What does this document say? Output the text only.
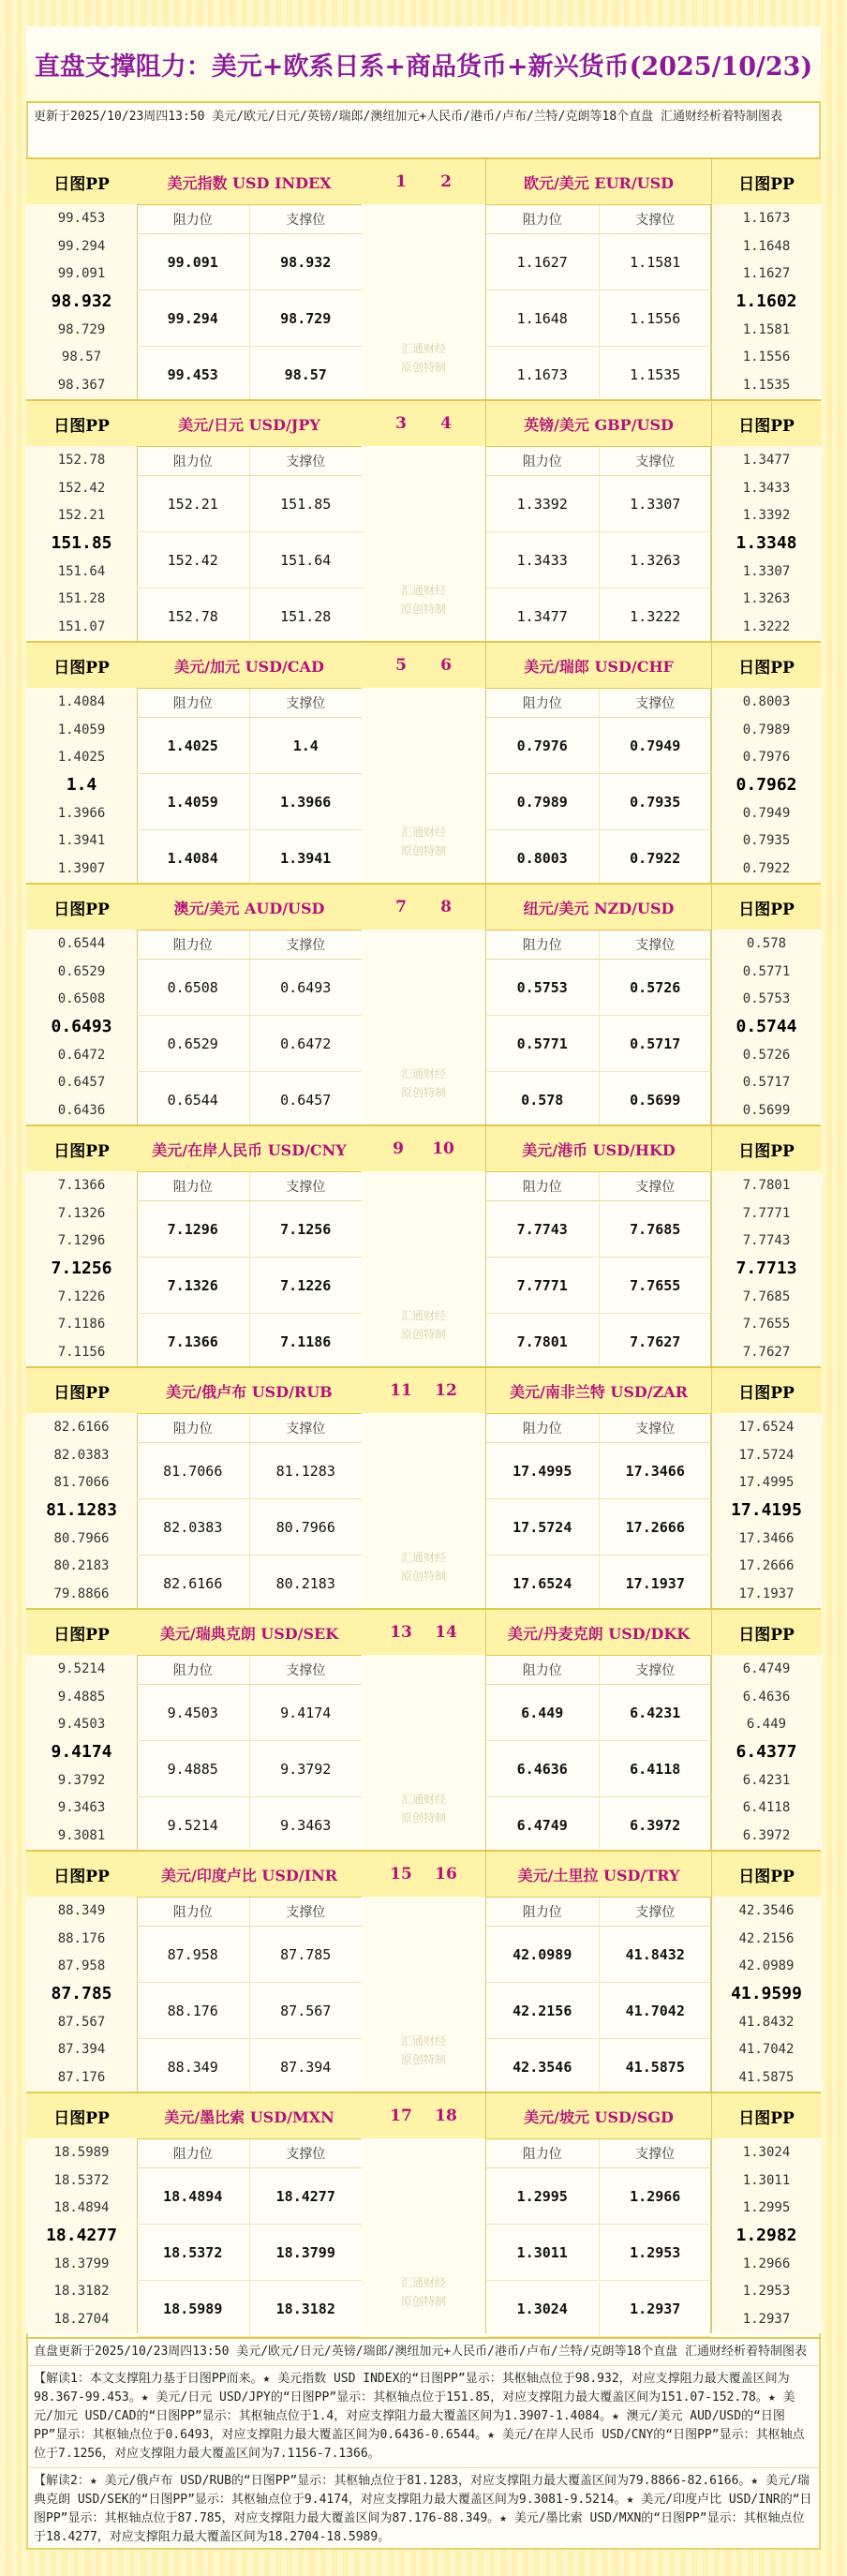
直盘支撑阻力：美元+欧系日系+商品货币+新兴货币(2025/10/23)
更新于2025/10/23周四13:50 美元/欧元/日元/英镑/瑞郎/澳纽加元+人民币/港币/卢布/兰特/克朗等18个直盘 汇通财经析着特制图表
日图PP
99.453
99.294
99.091
98.932
98.729
98.57
98.367
美元指数 USD INDEX
阻力位	支撑位
99.091	98.932
99.294	98.729
99.453	98.57
日图PP
1.1673
1.1648
1.1627
1.1602
1.1581
1.1556
1.1535
欧元/美元 EUR/USD
阻力位	支撑位
1.1627	1.1581
1.1648	1.1556
1.1673	1.1535
1 2
汇通财经
原创特制
日图PP
152.78
152.42
152.21
151.85
151.64
151.28
151.07
美元/日元 USD/JPY
阻力位	支撑位
152.21	151.85
152.42	151.64
152.78	151.28
日图PP
1.3477
1.3433
1.3392
1.3348
1.3307
1.3263
1.3222
英镑/美元 GBP/USD
阻力位	支撑位
1.3392	1.3307
1.3433	1.3263
1.3477	1.3222
3 4
汇通财经
原创特制
日图PP
1.4084
1.4059
1.4025
1.4
1.3966
1.3941
1.3907
美元/加元 USD/CAD
阻力位	支撑位
1.4025	1.4
1.4059	1.3966
1.4084	1.3941
日图PP
0.8003
0.7989
0.7976
0.7962
0.7949
0.7935
0.7922
美元/瑞郎 USD/CHF
阻力位	支撑位
0.7976	0.7949
0.7989	0.7935
0.8003	0.7922
5 6
汇通财经
原创特制
日图PP
0.6544
0.6529
0.6508
0.6493
0.6472
0.6457
0.6436
澳元/美元 AUD/USD
阻力位	支撑位
0.6508	0.6493
0.6529	0.6472
0.6544	0.6457
日图PP
0.578
0.5771
0.5753
0.5744
0.5726
0.5717
0.5699
纽元/美元 NZD/USD
阻力位	支撑位
0.5753	0.5726
0.5771	0.5717
0.578	0.5699
7 8
汇通财经
原创特制
日图PP
7.1366
7.1326
7.1296
7.1256
7.1226
7.1186
7.1156
美元/在岸人民币 USD/CNY
阻力位	支撑位
7.1296	7.1256
7.1326	7.1226
7.1366	7.1186
日图PP
7.7801
7.7771
7.7743
7.7713
7.7685
7.7655
7.7627
美元/港币 USD/HKD
阻力位	支撑位
7.7743	7.7685
7.7771	7.7655
7.7801	7.7627
9 10
汇通财经
原创特制
日图PP
82.6166
82.0383
81.7066
81.1283
80.7966
80.2183
79.8866
美元/俄卢布 USD/RUB
阻力位	支撑位
81.7066	81.1283
82.0383	80.7966
82.6166	80.2183
日图PP
17.6524
17.5724
17.4995
17.4195
17.3466
17.2666
17.1937
美元/南非兰特 USD/ZAR
阻力位	支撑位
17.4995	17.3466
17.5724	17.2666
17.6524	17.1937
11 12
汇通财经
原创特制
日图PP
9.5214
9.4885
9.4503
9.4174
9.3792
9.3463
9.3081
美元/瑞典克朗 USD/SEK
阻力位	支撑位
9.4503	9.4174
9.4885	9.3792
9.5214	9.3463
日图PP
6.4749
6.4636
6.449
6.4377
6.4231
6.4118
6.3972
美元/丹麦克朗 USD/DKK
阻力位	支撑位
6.449	6.4231
6.4636	6.4118
6.4749	6.3972
13 14
汇通财经
原创特制
日图PP
88.349
88.176
87.958
87.785
87.567
87.394
87.176
美元/印度卢比 USD/INR
阻力位	支撑位
87.958	87.785
88.176	87.567
88.349	87.394
日图PP
42.3546
42.2156
42.0989
41.9599
41.8432
41.7042
41.5875
美元/土里拉 USD/TRY
阻力位	支撑位
42.0989	41.8432
42.2156	41.7042
42.3546	41.5875
15 16
汇通财经
原创特制
日图PP
18.5989
18.5372
18.4894
18.4277
18.3799
18.3182
18.2704
美元/墨比索 USD/MXN
阻力位	支撑位
18.4894	18.4277
18.5372	18.3799
18.5989	18.3182
日图PP
1.3024
1.3011
1.2995
1.2982
1.2966
1.2953
1.2937
美元/坡元 USD/SGD
阻力位	支撑位
1.2995	1.2966
1.3011	1.2953
1.3024	1.2937
17 18
汇通财经
原创特制

直盘更新于2025/10/23周四13:50 美元/欧元/日元/英镑/瑞郎/澳纽加元+人民币/港币/卢布/兰特/克朗等18个直盘 汇通财经析着特制图表

【解读1：本文支撑阻力基于日图PP而来。★ 美元指数 USD INDEX的“日图PP”显示：其枢轴点位于98.932，对应支撑阻力最大覆盖区间为98.367-99.453。★ 美元/日元 USD/JPY的“日图PP”显示：其枢轴点位于151.85，对应支撑阻力最大覆盖区间为151.07-152.78。★ 美元/加元 USD/CAD的“日图PP”显示：其枢轴点位于1.4，对应支撑阻力最大覆盖区间为1.3907-1.4084。★ 澳元/美元 AUD/USD的“日图PP”显示：其枢轴点位于0.6493，对应支撑阻力最大覆盖区间为0.6436-0.6544。★ 美元/在岸人民币 USD/CNY的“日图PP”显示：其枢轴点位于7.1256，对应支撑阻力最大覆盖区间为7.1156-7.1366。

【解读2：★ 美元/俄卢布 USD/RUB的“日图PP”显示：其枢轴点位于81.1283，对应支撑阻力最大覆盖区间为79.8866-82.6166。★ 美元/瑞典克朗 USD/SEK的“日图PP”显示：其枢轴点位于9.4174，对应支撑阻力最大覆盖区间为9.3081-9.5214。★ 美元/印度卢比 USD/INR的“日图PP”显示：其枢轴点位于87.785，对应支撑阻力最大覆盖区间为87.176-88.349。★ 美元/墨比索 USD/MXN的“日图PP”显示：其枢轴点位于18.4277，对应支撑阻力最大覆盖区间为18.2704-18.5989。
